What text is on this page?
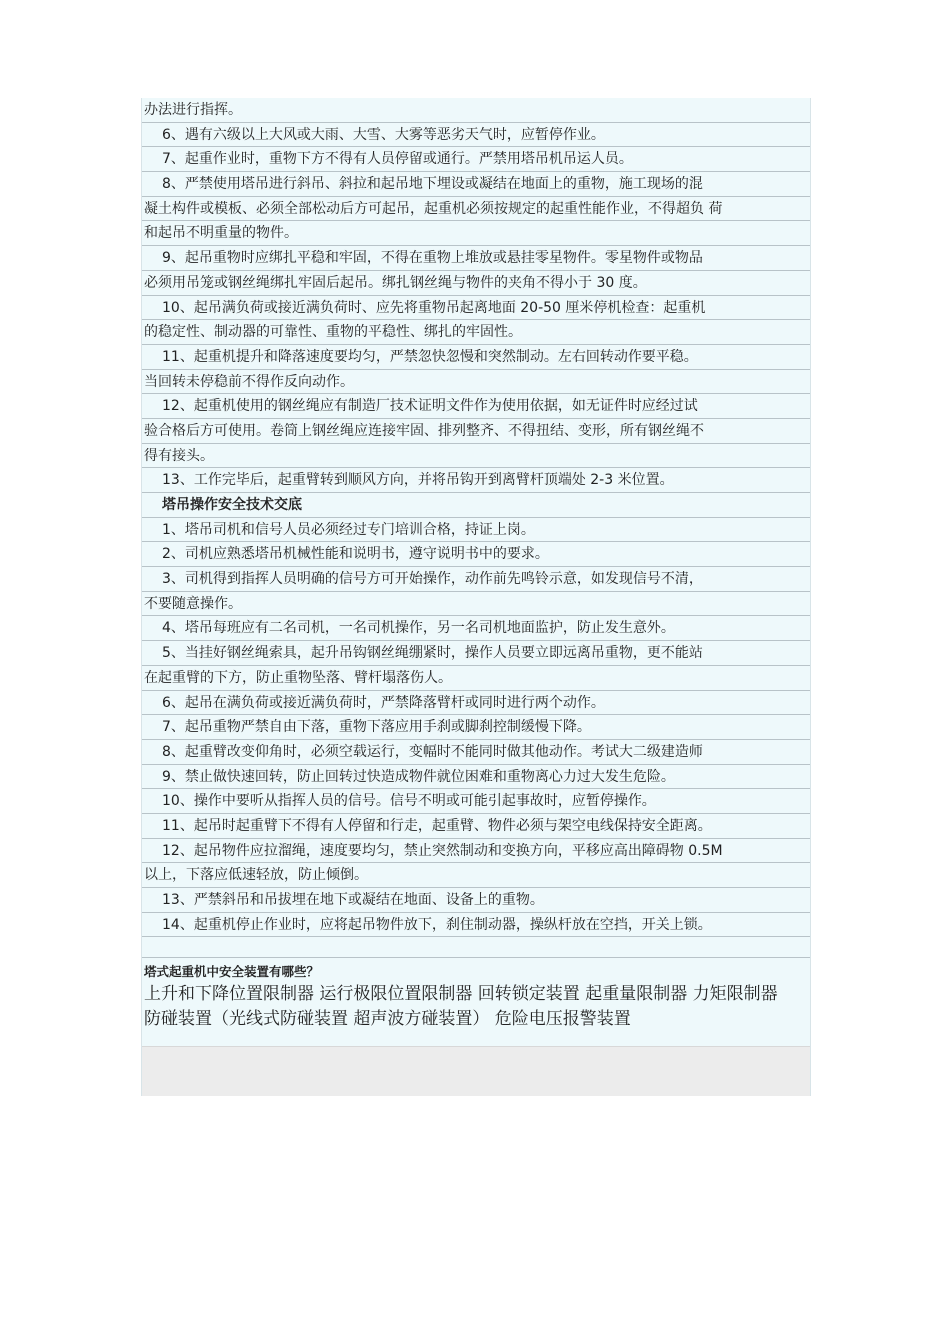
办法进行指挥。
6、遇有六级以上大风或大雨、大雪、大雾等恶劣天气时，应暂停作业。
7、起重作业时，重物下方不得有人员停留或通行。严禁用塔吊机吊运人员。
8、严禁使用塔吊进行斜吊、斜拉和起吊地下埋设或凝结在地面上的重物，施工现场的混
凝土构件或模板、必须全部松动后方可起吊，起重机必须按规定的起重性能作业，不得超负 荷
和起吊不明重量的物件。
9、起吊重物时应绑扎平稳和牢固，不得在重物上堆放或悬挂零星物件。零星物件或物品
必须用吊笼或钢丝绳绑扎牢固后起吊。绑扎钢丝绳与物件的夹角不得小于 30 度。
10、起吊满负荷或接近满负荷时、应先将重物吊起离地面 20-50 厘米停机检查：起重机
的稳定性、制动器的可靠性、重物的平稳性、绑扎的牢固性。
11、起重机提升和降落速度要均匀，严禁忽快忽慢和突然制动。左右回转动作要平稳。
当回转未停稳前不得作反向动作。
12、起重机使用的钢丝绳应有制造厂技术证明文件作为使用依据，如无证件时应经过试
验合格后方可使用。卷筒上钢丝绳应连接牢固、排列整齐、不得扭结、变形，所有钢丝绳不
得有接头。
13、工作完毕后，起重臂转到顺风方向，并将吊钩开到离臂杆顶端处 2-3 米位置。
塔吊操作安全技术交底
1、塔吊司机和信号人员必须经过专门培训合格，持证上岗。
2、司机应熟悉塔吊机械性能和说明书，遵守说明书中的要求。
3、司机得到指挥人员明确的信号方可开始操作，动作前先鸣铃示意，如发现信号不清，
不要随意操作。
4、塔吊每班应有二名司机，一名司机操作，另一名司机地面监护，防止发生意外。
5、当挂好钢丝绳索具，起升吊钩钢丝绳绷紧时，操作人员要立即远离吊重物，更不能站
在起重臂的下方，防止重物坠落、臂杆塌落伤人。
6、起吊在满负荷或接近满负荷时，严禁降落臂杆或同时进行两个动作。
7、起吊重物严禁自由下落，重物下落应用手刹或脚刹控制缓慢下降。
8、起重臂改变仰角时，必须空载运行，变幅时不能同时做其他动作。考试大二级建造师
9、禁止做快速回转，防止回转过快造成物件就位困难和重物离心力过大发生危险。
10、操作中要听从指挥人员的信号。信号不明或可能引起事故时，应暂停操作。
11、起吊时起重臂下不得有人停留和行走，起重臂、物件必须与架空电线保持安全距离。
12、起吊物件应拉溜绳，速度要均匀，禁止突然制动和变换方向，平移应高出障碍物 0.5M
以上，下落应低速轻放，防止倾倒。
13、严禁斜吊和吊拔埋在地下或凝结在地面、设备上的重物。
14、起重机停止作业时，应将起吊物件放下，刹住制动器，操纵杆放在空挡，开关上锁。
塔式起重机中安全装置有哪些？
上升和下降位置限制器 运行极限位置限制器 回转锁定装置 起重量限制器 力矩限制器 防碰装置（光线式防碰装置 超声波方碰装置） 危险电压报警装置
